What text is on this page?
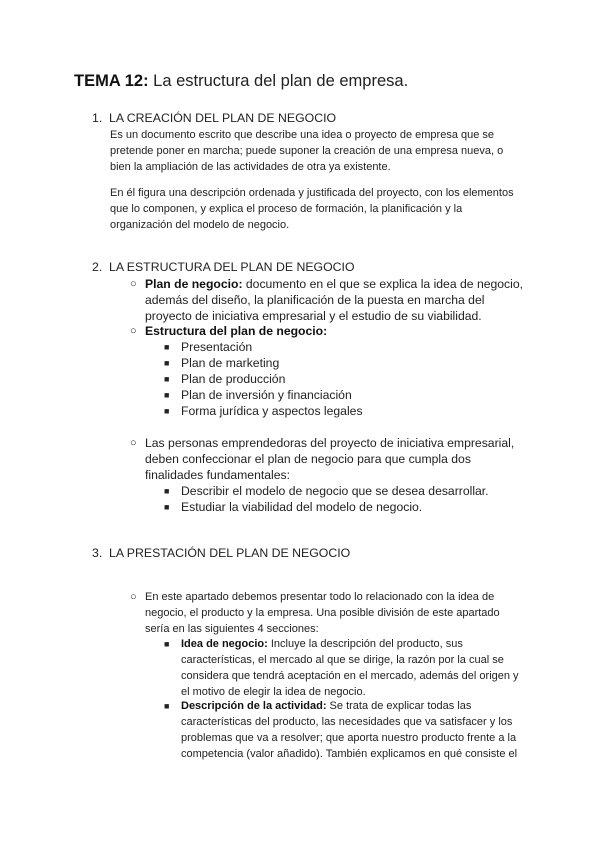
TEMA 12: La estructura del plan de empresa.
1. LA CREACIÓN DEL PLAN DE NEGOCIO
Es un documento escrito que describe una idea o proyecto de empresa que se pretende poner en marcha; puede suponer la creación de una empresa nueva, o bien la ampliación de las actividades de otra ya existente.
En él figura una descripción ordenada y justificada del proyecto, con los elementos que lo componen, y explica el proceso de formación, la planificación y la organización del modelo de negocio.
2. LA ESTRUCTURA DEL PLAN DE NEGOCIO
○ Plan de negocio: documento en el que se explica la idea de negocio, además del diseño, la planificación de la puesta en marcha del proyecto de iniciativa empresarial y el estudio de su viabilidad.
○ Estructura del plan de negocio:
■ Presentación
■ Plan de marketing
■ Plan de producción
■ Plan de inversión y financiación
■ Forma jurídica y aspectos legales
○ Las personas emprendedoras del proyecto de iniciativa empresarial, deben confeccionar el plan de negocio para que cumpla dos finalidades fundamentales:
■ Describir el modelo de negocio que se desea desarrollar.
■ Estudiar la viabilidad del modelo de negocio.
3. LA PRESTACIÓN DEL PLAN DE NEGOCIO
○ En este apartado debemos presentar todo lo relacionado con la idea de negocio, el producto y la empresa. Una posible división de este apartado sería en las siguientes 4 secciones:
■	Idea de negocio: Incluye la descripción del producto, sus características, el mercado al que se dirige, la razón por la cual se considera que tendrá aceptación en el mercado, además del origen y el motivo de elegir la idea de negocio.
■	Descripción de la actividad: Se trata de explicar todas las características del producto, las necesidades que va satisfacer y los problemas que va a resolver; que aporta nuestro producto frente a la competencia (valor añadido). También explicamos en qué consiste el
